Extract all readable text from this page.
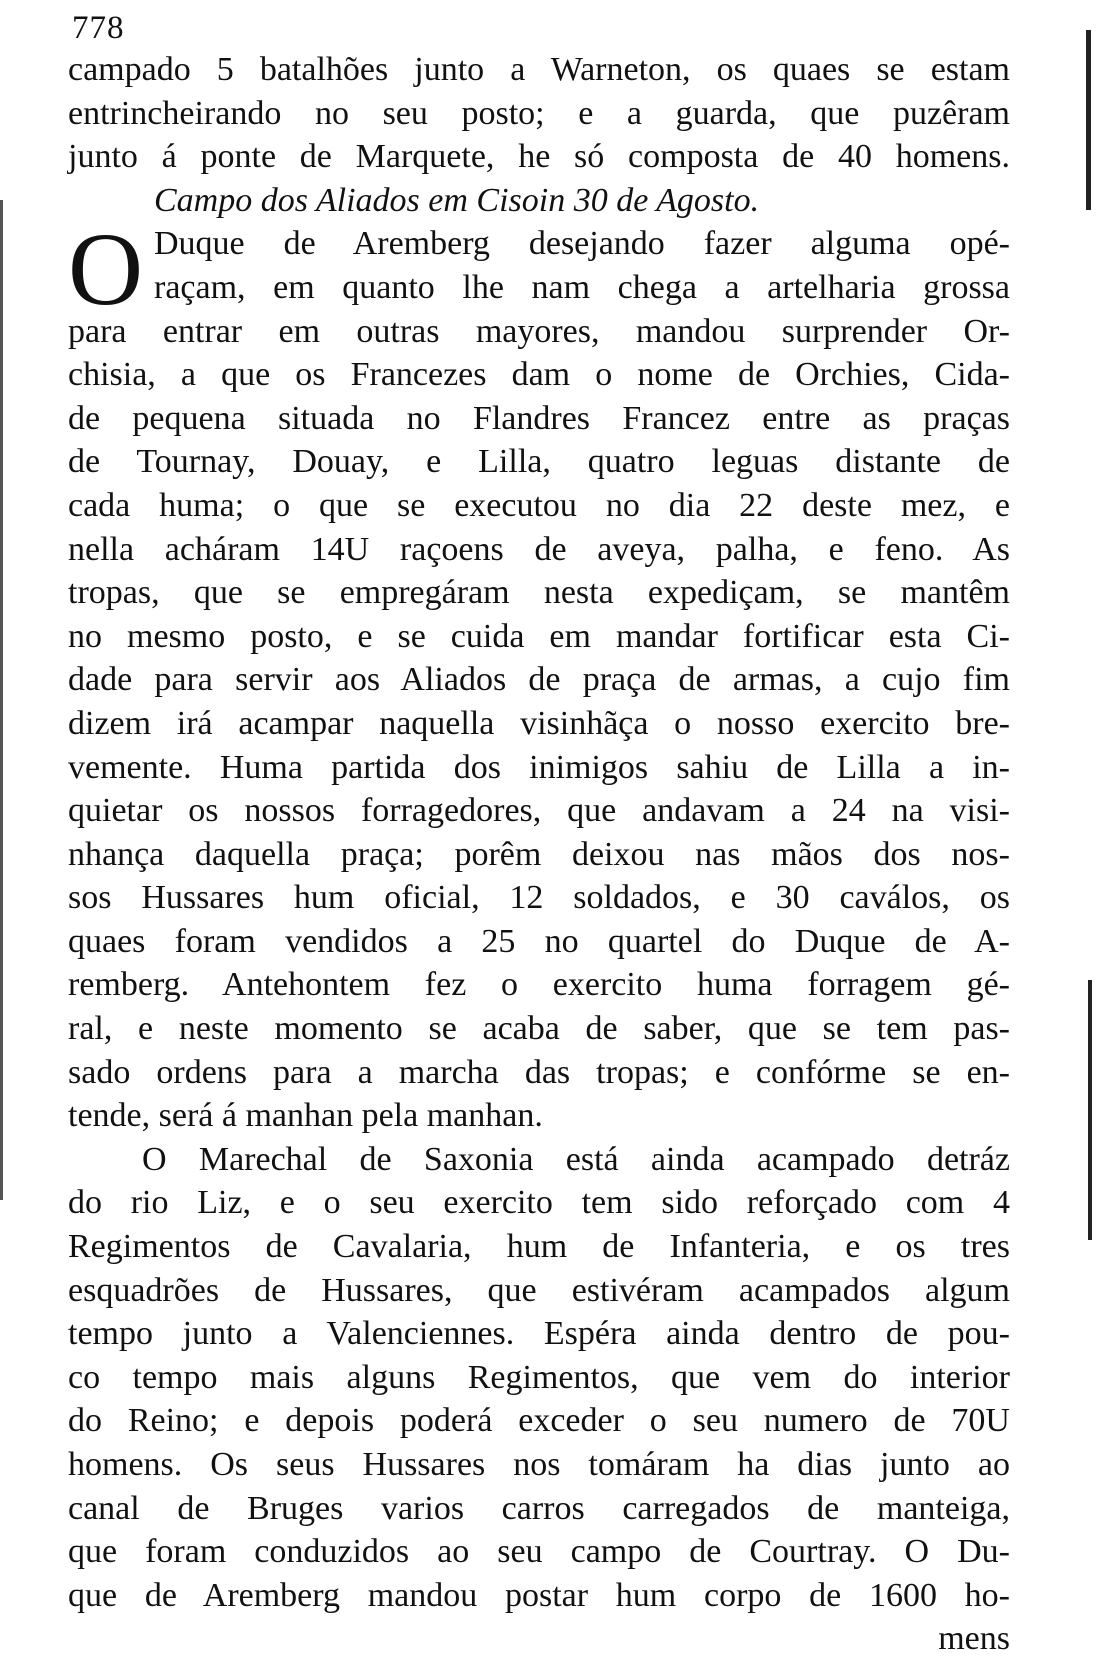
778
campado 5 batalhões junto a Warneton, os quaes se estam
entrincheirando no seu posto; e a guarda, que puzêram
junto á ponte de Marquete, he só composta de 40 homens.
Campo dos Aliados em Cisoin 30 de Agosto.
O Duque de Aremberg desejando fazer alguma opé-
raçam, em quanto lhe nam chega a artelharia grossa
para entrar em outras mayores, mandou surprender Or-
chisia, a que os Francezes dam o nome de Orchies, Cida-
de pequena situada no Flandres Francez entre as praças
de Tournay, Douay, e Lilla, quatro leguas distante de
cada huma; o que se executou no dia 22 deste mez, e
nella acháram 14U raçoens de aveya, palha, e feno. As
tropas, que se empregáram nesta expediçam, se mantêm
no mesmo posto, e se cuida em mandar fortificar esta Ci-
dade para servir aos Aliados de praça de armas, a cujo fim
dizem irá acampar naquella visinhãça o nosso exercito bre-
vemente. Huma partida dos inimigos sahiu de Lilla a in-
quietar os nossos forragedores, que andavam a 24 na visi-
nhança daquella praça; porêm deixou nas mãos dos nos-
sos Hussares hum oficial, 12 soldados, e 30 caválos, os
quaes foram vendidos a 25 no quartel do Duque de A-
remberg. Antehontem fez o exercito huma forragem gé-
ral, e neste momento se acaba de saber, que se tem pas-
sado ordens para a marcha das tropas; e confórme se en-
tende, será á manhan pela manhan.
O Marechal de Saxonia está ainda acampado detráz
do rio Liz, e o seu exercito tem sido reforçado com 4
Regimentos de Cavalaria, hum de Infanteria, e os tres
esquadrões de Hussares, que estivéram acampados algum
tempo junto a Valenciennes. Espéra ainda dentro de pou-
co tempo mais alguns Regimentos, que vem do interior
do Reino; e depois poderá exceder o seu numero de 70U
homens. Os seus Hussares nos tomáram ha dias junto ao
canal de Bruges varios carros carregados de manteiga,
que foram conduzidos ao seu campo de Courtray. O Du-
que de Aremberg mandou postar hum corpo de 1600 ho-
mens
